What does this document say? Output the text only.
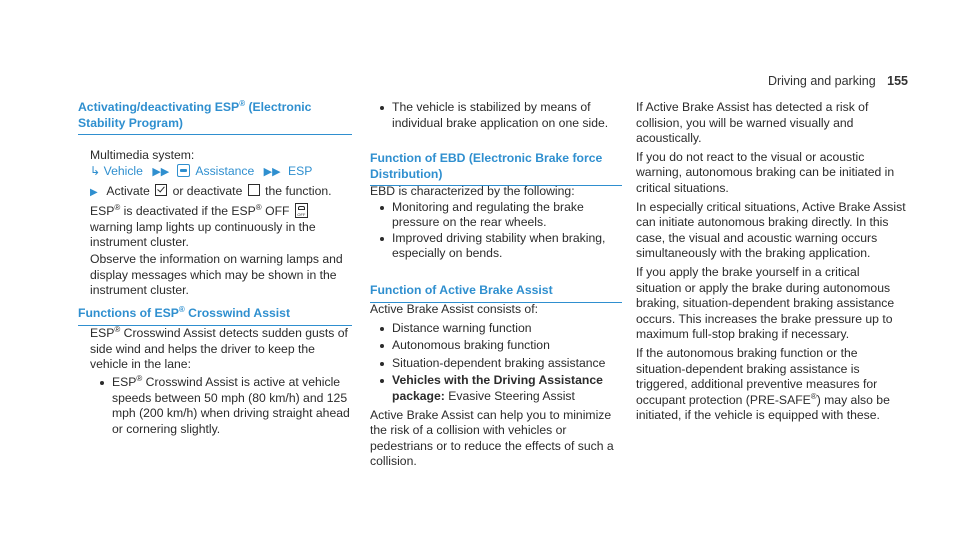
Driving and parking 155
Activating/deactivating ESP® (Electronic Stability Program)

Multimedia system:

↳ Vehicle ▶▶ Assistance ▶▶ ESP

▶ Activate or deactivate the function.

ESP® is deactivated if the ESP® OFF OFF warning lamp lights up continuously in the instrument cluster.

Observe the information on warning lamps and display messages which may be shown in the instrument cluster.

Functions of ESP® Crosswind Assist

ESP® Crosswind Assist detects sudden gusts of side wind and helps the driver to keep the vehicle in the lane:

ESP® Crosswind Assist is active at vehicle speeds between 50 mph (80 km/h) and 125 mph (200 km/h) when driving straight ahead or cornering slightly.
The vehicle is stabilized by means of individual brake application on one side.
Function of EBD (Electronic Brake force Distribution)

EBD is characterized by the following:

Monitoring and regulating the brake pressure on the rear wheels.
Improved driving stability when braking, especially on bends.
Function of Active Brake Assist

Active Brake Assist consists of:

Distance warning function
Autonomous braking function
Situation-dependent braking assistance
Vehicles with the Driving Assistance package: Evasive Steering Assist

Active Brake Assist can help you to minimize the risk of a collision with vehicles or pedestrians or to reduce the effects of such a collision.

If Active Brake Assist has detected a risk of collision, you will be warned visually and acoustically.

If you do not react to the visual or acoustic warning, autonomous braking can be initiated in critical situations.

In especially critical situations, Active Brake Assist can initiate autonomous braking directly. In this case, the visual and acoustic warning occurs simultaneously with the braking application.

If you apply the brake yourself in a critical situation or apply the brake during autonomous braking, situation-dependent braking assistance occurs. This increases the brake pressure up to maximum full-stop braking if necessary.

If the autonomous braking function or the situation-dependent braking assistance is triggered, additional preventive measures for occupant protection (PRE-SAFE®) may also be initiated, if the vehicle is equipped with these.
